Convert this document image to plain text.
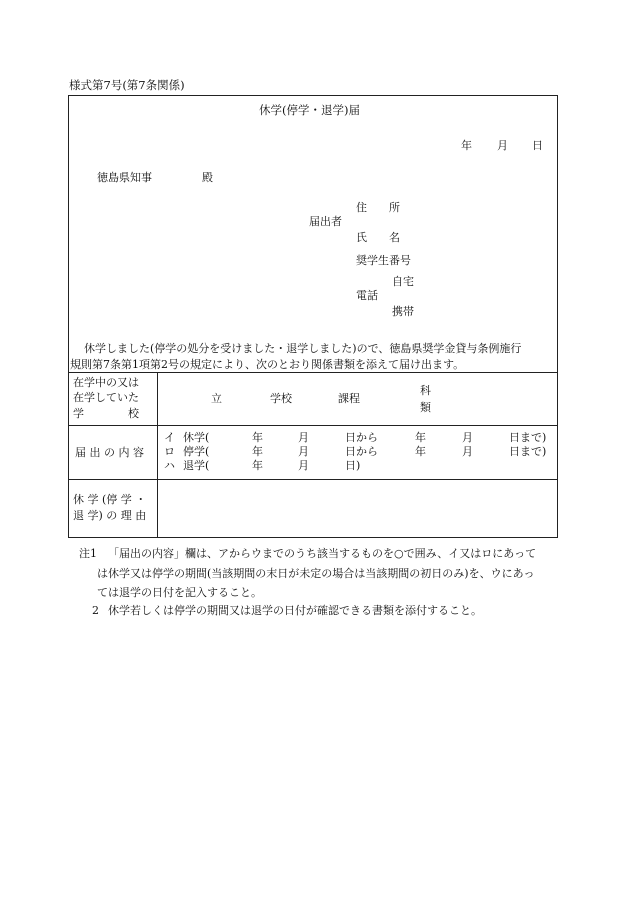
様式第7号(第7条関係)
休学(停学・退学)届
年 月 日
徳島県知事	殿
住　　所
届出者
氏　　名
奨学生番号
自宅
電話
携帯
休学しました(停学の処分を受けました・退学しました)ので、徳島県奨学金貸与条例施行
規則第7条第1項第2号の規定により、次のとおり関係書類を添えて届け出ます。
在学中の又は
在学していた
学　　　　校
立	学校	課程
科
類
届 出 の 内 容
イ 休学(	年	月	日から	年	月	日まで)
ロ 停学(	年	月	日から	年	月	日まで)
ハ 退学(	年	月	日)
休 学 (停 学 ・
退 学) の 理 由
注1 「届出の内容」欄は、アからウまでのうち該当するものを○で囲み、イ又はロにあって
は休学又は停学の期間(当該期間の末日が未定の場合は当該期間の初日のみ)を、ウにあっ
ては退学の日付を記入すること。
2 休学若しくは停学の期間又は退学の日付が確認できる書類を添付すること。
